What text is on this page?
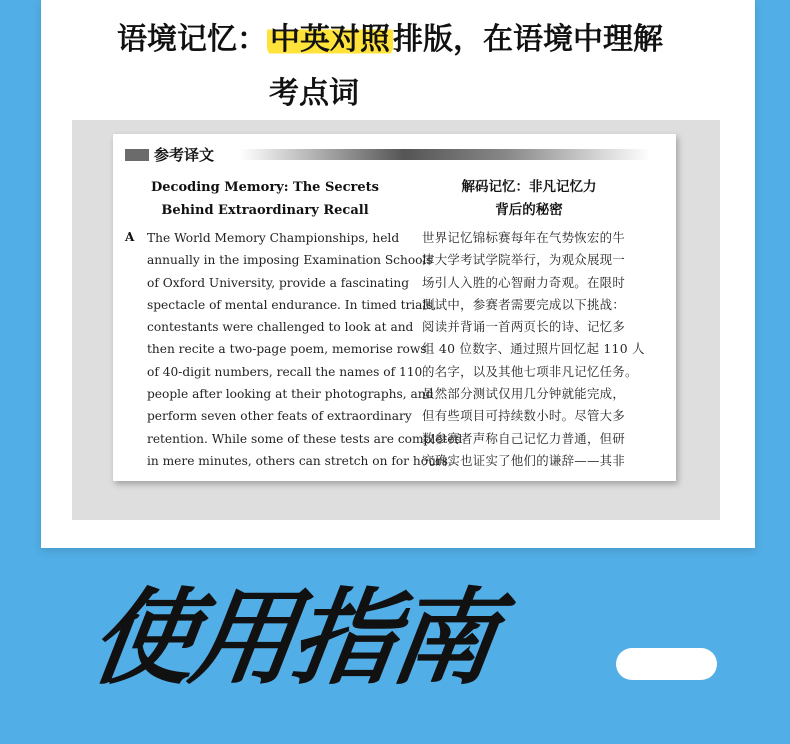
语境记忆： 中英对照 排版，在语境中理解
考点词
参考译文
Decoding Memory: The Secrets Behind Extraordinary Recall
解码记忆：非凡记忆力
背后的秘密
A The World Memory Championships, held
annually in the imposing Examination Schools
of Oxford University, provide a fascinating
spectacle of mental endurance. In timed trials,
contestants were challenged to look at and
then recite a two-page poem, memorise rows
of 40-digit numbers, recall the names of 110
people after looking at their photographs, and
perform seven other feats of extraordinary
retention. While some of these tests are completed
in mere minutes, others can stretch on for hours.
世界记忆锦标赛每年在气势恢宏的牛
津大学考试学院举行，为观众展现一
场引人入胜的心智耐力奇观。在限时
测试中，参赛者需要完成以下挑战：
阅读并背诵一首两页长的诗、记忆多
组 40 位数字、通过照片回忆起 110 人
的名字，以及其他七项非凡记忆任务。
虽然部分测试仅用几分钟就能完成，
但有些项目可持续数小时。尽管大多
数参赛者声称自己记忆力普通，但研
究确实也证实了他们的谦辞——其非
使用指南
